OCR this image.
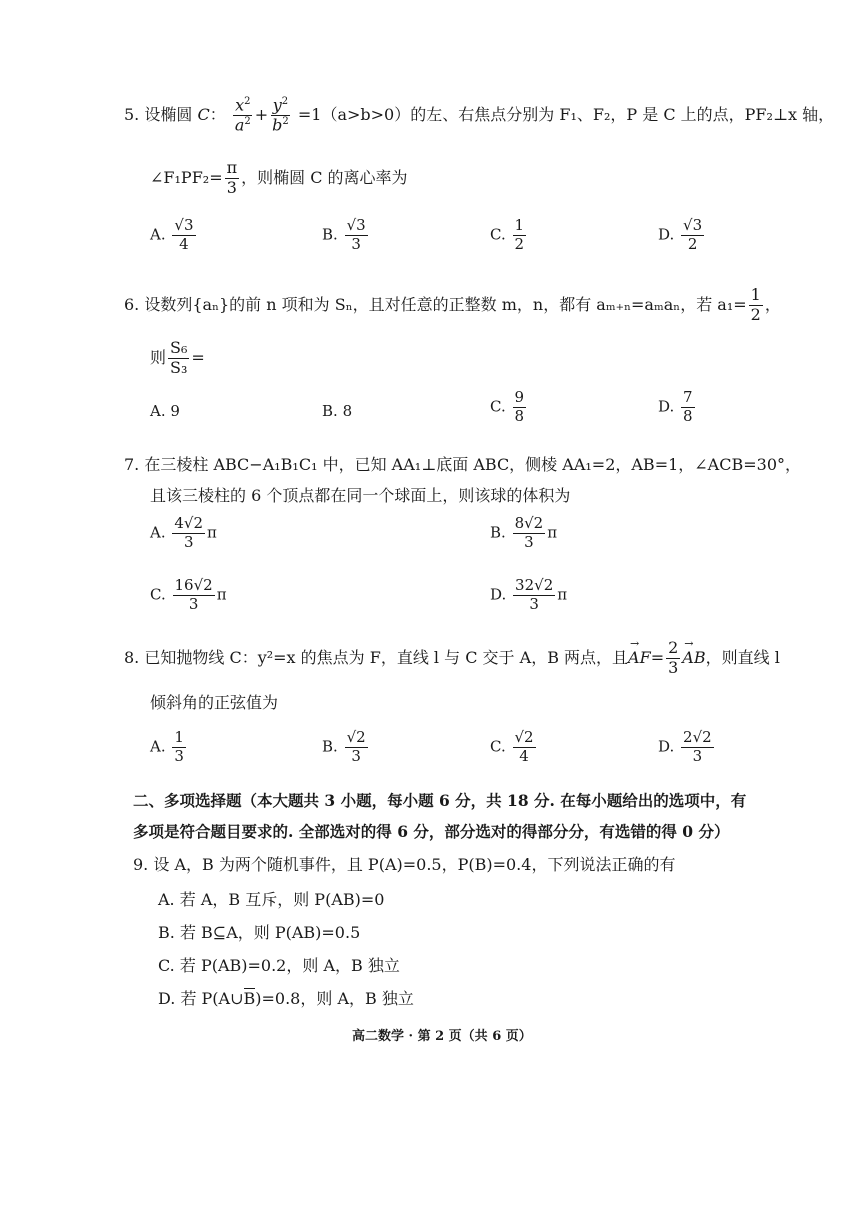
5. 设椭圆 C： $\frac{x^2}{a^2} + \frac{y^2}{b^2} =1(a>b>0)$的左、右焦点分别为 F₁、F₂，P 是 C 上的点，PF₂⊥x 轴，
∠F₁PF₂= $\frac{\pi}{3}$ ，则椭圆 C 的离心率为
A. $\frac{√3}{4}$	B. $\frac{√3}{3}$	C. $\frac{1}{2}$	D. $\frac{√3}{2}$
6. 设数列{aₙ}的前 n 项和为 Sₙ，且对任意的正整数 m，n，都有 aₘ₊ₙ=aₘaₙ，若 $a_1= \frac{1}{2}$ ，
则 $\frac{\text{S₆}}{\text{S₃}}$ =
A. 9	B. 8	C. $\frac{9}{8}$	D. $\frac{7}{8}$
7. 在三棱柱 ABC−A₁B₁C₁ 中，已知 AA₁⊥底面 ABC，侧棱 AA₁=2，AB=1，∠ACB=30°，
且该三棱柱的 6 个顶点都在同一个球面上，则该球的体积为
A. $\frac{4√2}{3}$ π	B. $\frac{8√2}{3}$ π
C. $\frac{16√2}{3}$ π	D. $\frac{32√2}{3}$ π
8. 已知抛物线 C：y²=x 的焦点为 F，直线 l 与 C 交于 A，B 两点，且→ $AF= \frac{2}{3}$
→ AB，则直线 l
倾斜角的正弦值为
A. $\frac{1}{3}$	B. $\frac{√2}{3}$	C. $\frac{√2}{4}$	D. $\frac{2√2}{3}$
二、多项选择题（本大题共 3 小题，每小题 6 分，共 18 分. 在每小题给出的选项中，有
多项是符合题目要求的. 全部选对的得 6 分，部分选对的得部分分，有选错的得 0 分）
9. 设 A，B 为两个随机事件，且 P(A)=0.5，P(B)=0.4，下列说法正确的有
A. 若 A，B 互斥，则 P(AB)=0
B. 若 B⊆A，则 P(AB)=0.5
C. 若 P(AB)=0.2，则 A，B 独立
D. 若 P(A∪B)=0.8，则 A，B 独立
高二数学 · 第 2 页（共 6 页）
